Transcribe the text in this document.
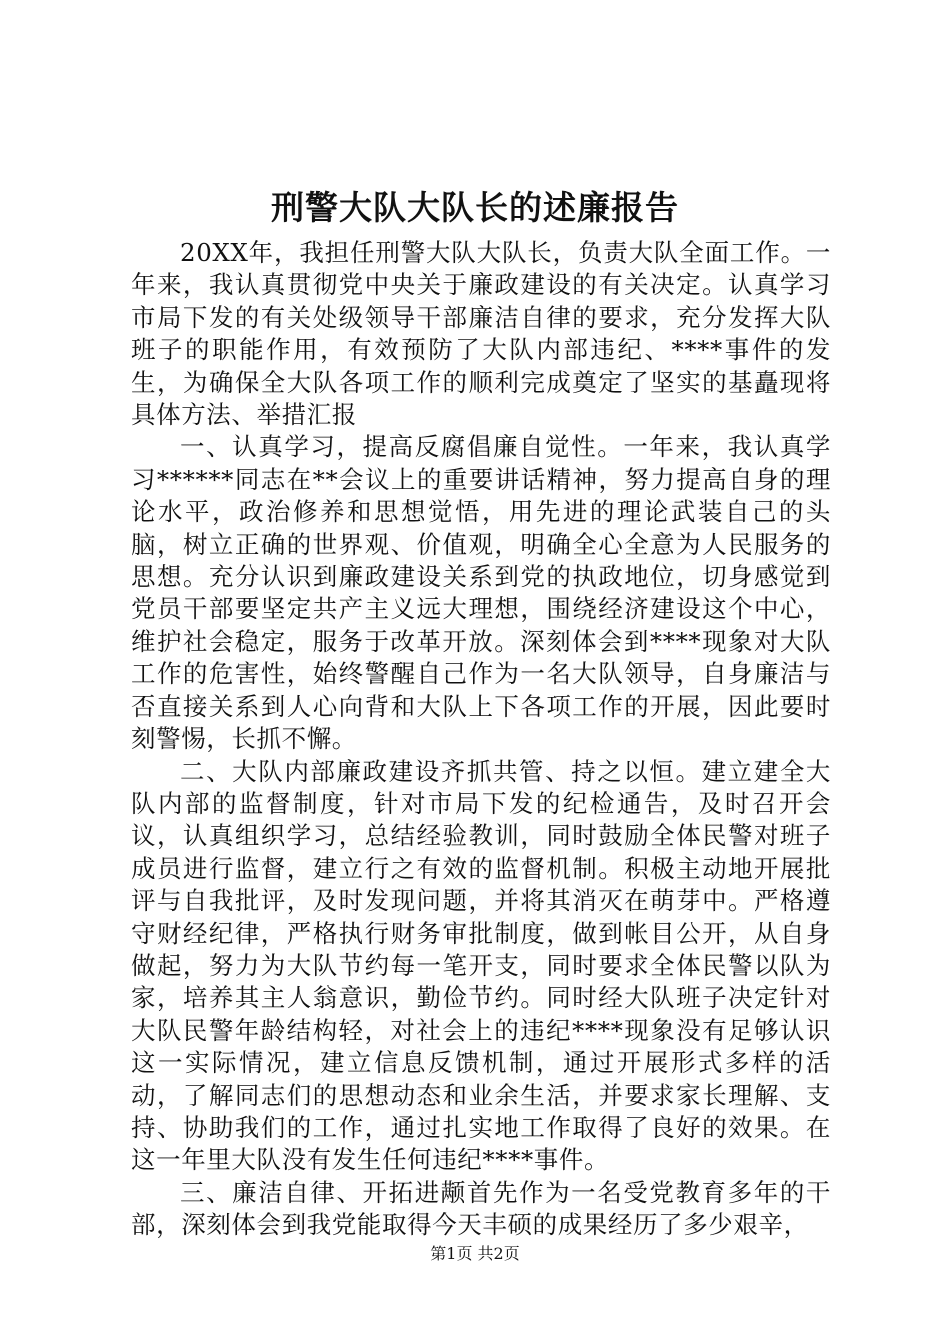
刑警大队大队长的述廉报告

20XX年，我担任刑警大队大队长，负责大队全面工作。一年来，我认真贯彻党中央关于廉政建设的有关决定。认真学习市局下发的有关处级领导干部廉洁自律的要求，充分发挥大队班子的职能作用，有效预防了大队内部违纪、****事件的发生，为确保全大队各项工作的顺利完成奠定了坚实的基矗现将具体方法、举措汇报

一、认真学习，提高反腐倡廉自觉性。一年来，我认真学习******同志在**会议上的重要讲话精神，努力提高自身的理论水平，政治修养和思想觉悟，用先进的理论武装自己的头脑，树立正确的世界观、价值观，明确全心全意为人民服务的思想。充分认识到廉政建设关系到党的执政地位，切身感觉到党员干部要坚定共产主义远大理想，围绕经济建设这个中心，维护社会稳定，服务于改革开放。深刻体会到****现象对大队工作的危害性，始终警醒自己作为一名大队领导，自身廉洁与否直接关系到人心向背和大队上下各项工作的开展，因此要时刻警惕，长抓不懈。

二、大队内部廉政建设齐抓共管、持之以恒。建立建全大队内部的监督制度，针对市局下发的纪检通告，及时召开会议，认真组织学习，总结经验教训，同时鼓励全体民警对班子成员进行监督，建立行之有效的监督机制。积极主动地开展批评与自我批评，及时发现问题，并将其消灭在萌芽中。严格遵守财经纪律，严格执行财务审批制度，做到帐目公开，从自身做起，努力为大队节约每一笔开支，同时要求全体民警以队为家，培养其主人翁意识，勤俭节约。同时经大队班子决定针对大队民警年龄结构轻，对社会上的违纪****现象没有足够认识这一实际情况，建立信息反馈机制，通过开展形式多样的活动，了解同志们的思想动态和业余生活，并要求家长理解、支持、协助我们的工作，通过扎实地工作取得了良好的效果。在这一年里大队没有发生任何违纪****事件。

三、廉洁自律、开拓进颟首先作为一名受党教育多年的干部，深刻体会到我党能取得今天丰硕的成果经历了多少艰辛，

第1页 共2页
